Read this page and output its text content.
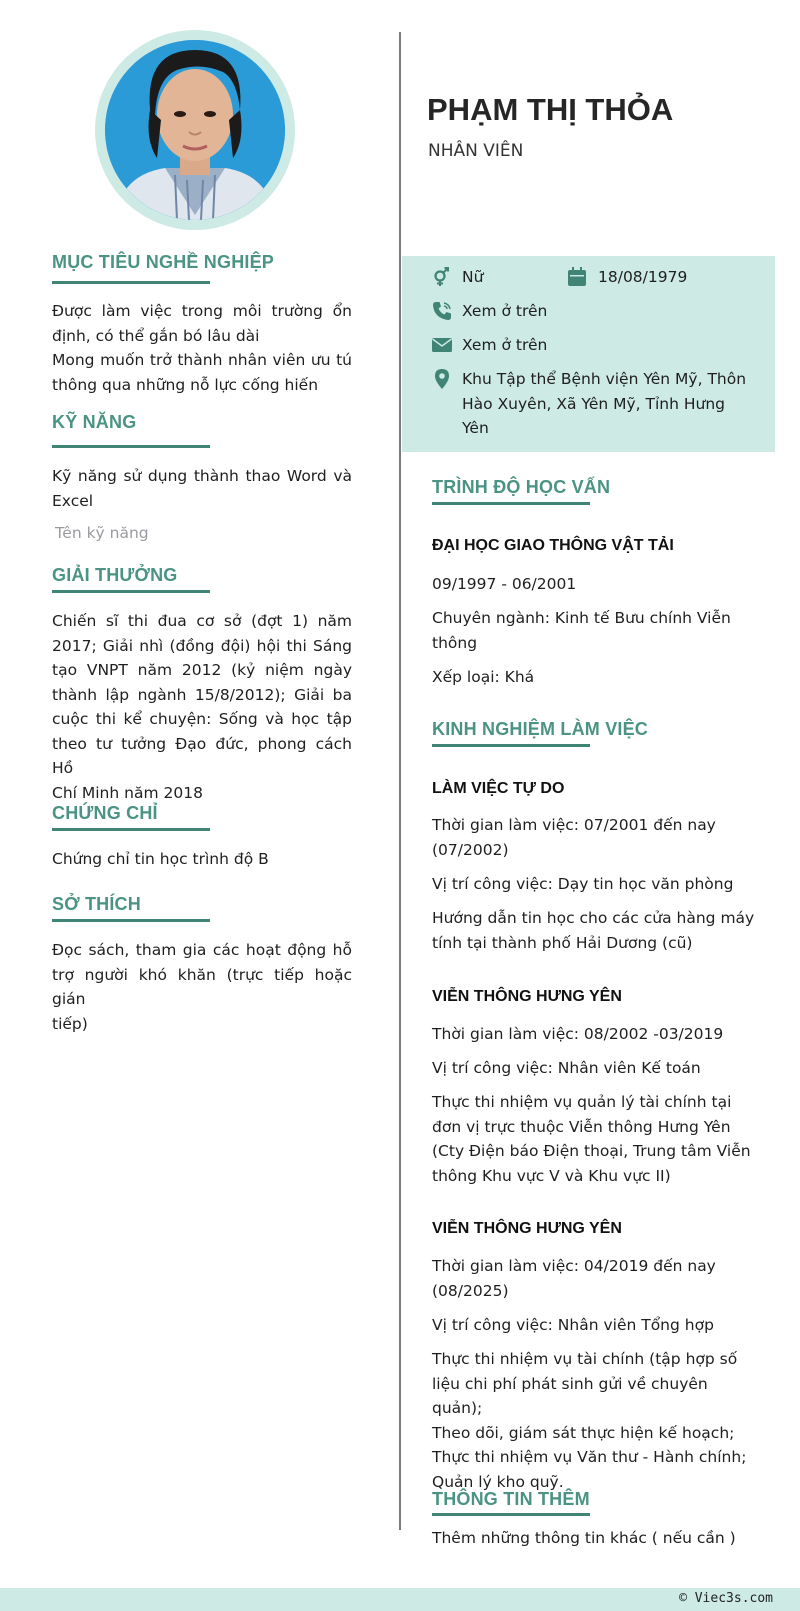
MỤC TIÊU NGHỀ NGHIỆP
Được làm việc trong môi trường ổn
định, có thể gắn bó lâu dài
Mong muốn trở thành nhân viên ưu tú
thông qua những nỗ lực cống hiến
KỸ NĂNG
Kỹ năng sử dụng thành thao Word và
Excel
Tên kỹ năng
GIẢI THƯỞNG
Chiến sĩ thi đua cơ sở (đợt 1) năm
2017; Giải nhì (đồng đội) hội thi Sáng
tạo VNPT năm 2012 (kỷ niệm ngày
thành lập ngành 15/8/2012); Giải ba
cuộc thi kể chuyện: Sống và học tập
theo tư tưởng Đạo đức, phong cách Hồ
Chí Minh năm 2018
CHỨNG CHỈ
Chứng chỉ tin học trình độ B
SỞ THÍCH
Đọc sách, tham gia các hoạt động hỗ
trợ người khó khăn (trực tiếp hoặc gián
tiếp)
PHẠM THỊ THỎA
NHÂN VIÊN
Nữ	18/08/1979
Xem ở trên
Xem ở trên
Khu Tập thể Bệnh viện Yên Mỹ, Thôn
Hào Xuyên, Xã Yên Mỹ, Tỉnh Hưng
Yên
TRÌNH ĐỘ HỌC VẤN
ĐẠI HỌC GIAO THÔNG VẬT TẢI
09/1997 - 06/2001
Chuyên ngành: Kinh tế Bưu chính Viễn
thông
Xếp loại: Khá
KINH NGHIỆM LÀM VIỆC
LÀM VIỆC TỰ DO
Thời gian làm việc: 07/2001 đến nay
(07/2002)
Vị trí công việc: Dạy tin học văn phòng
Hướng dẫn tin học cho các cửa hàng máy
tính tại thành phố Hải Dương (cũ)
VIỄN THÔNG HƯNG YÊN
Thời gian làm việc: 08/2002 -03/2019
Vị trí công việc: Nhân viên Kế toán
Thực thi nhiệm vụ quản lý tài chính tại
đơn vị trực thuộc Viễn thông Hưng Yên
(Cty Điện báo Điện thoại, Trung tâm Viễn
thông Khu vực V và Khu vực II)
VIỄN THÔNG HƯNG YÊN
Thời gian làm việc: 04/2019 đến nay
(08/2025)
Vị trí công việc: Nhân viên Tổng hợp
Thực thi nhiệm vụ tài chính (tập hợp số
liệu chi phí phát sinh gửi về chuyên quản);
Theo dõi, giám sát thực hiện kế hoạch;
Thực thi nhiệm vụ Văn thư - Hành chính;
Quản lý kho quỹ.
THÔNG TIN THÊM
Thêm những thông tin khác ( nếu cần )
© Viec3s.com
